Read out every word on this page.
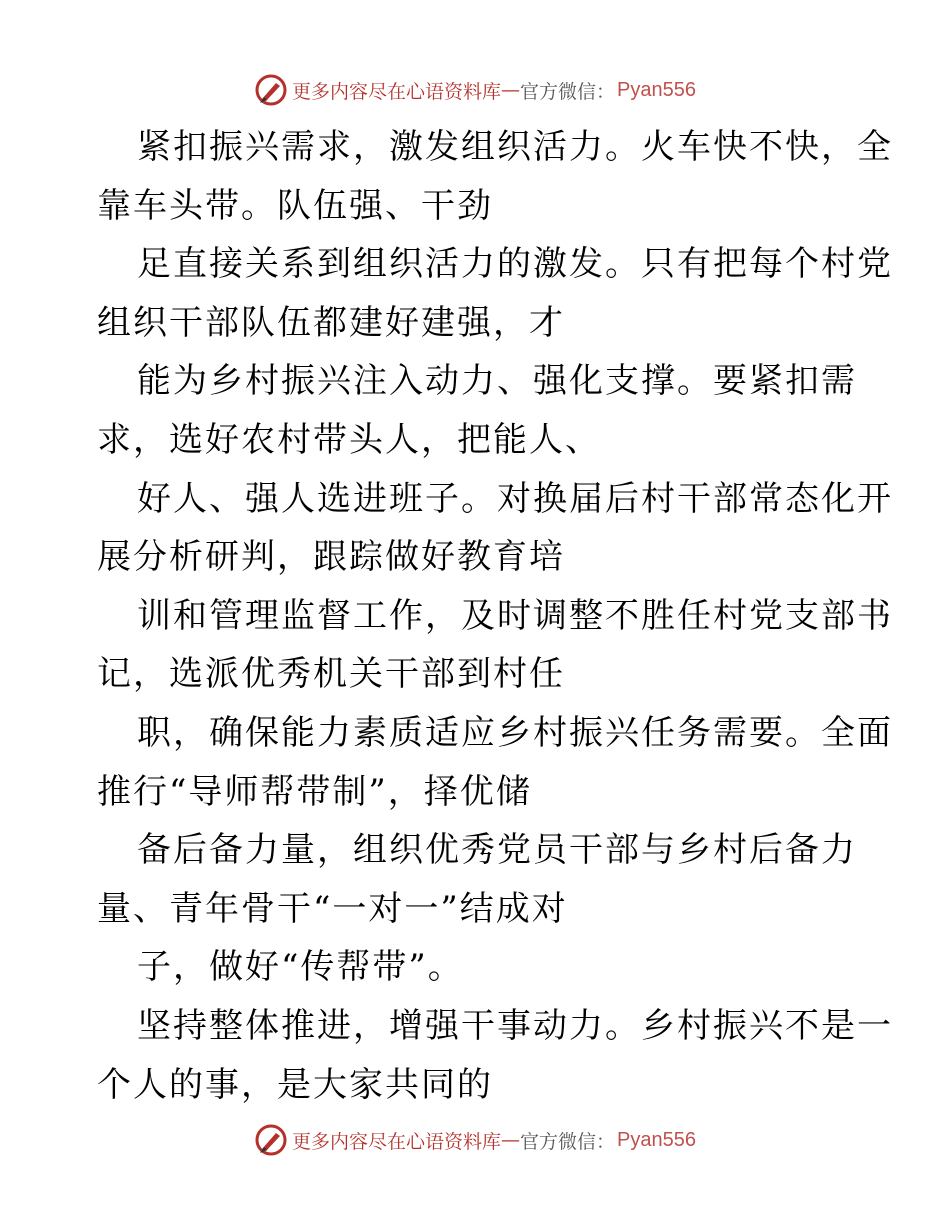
更多内容尽在心语资料库 — 官方微信： Pyan556
紧扣振兴需求，激发组织活力。火车快不快，全
靠车头带。队伍强、干劲
足直接关系到组织活力的激发。只有把每个村党
组织干部队伍都建好建强，才
能为乡村振兴注入动力、强化支撑。要紧扣需
求，选好农村带头人，把能人、
好人、强人选进班子。对换届后村干部常态化开
展分析研判，跟踪做好教育培
训和管理监督工作，及时调整不胜任村党支部书
记，选派优秀机关干部到村任
职，确保能力素质适应乡村振兴任务需要。全面
推行“导师帮带制”，择优储
备后备力量，组织优秀党员干部与乡村后备力
量、青年骨干“一对一”结成对
子，做好“传帮带”。
坚持整体推进，增强干事动力。乡村振兴不是一
个人的事，是大家共同的
更多内容尽在心语资料库 — 官方微信： Pyan556
